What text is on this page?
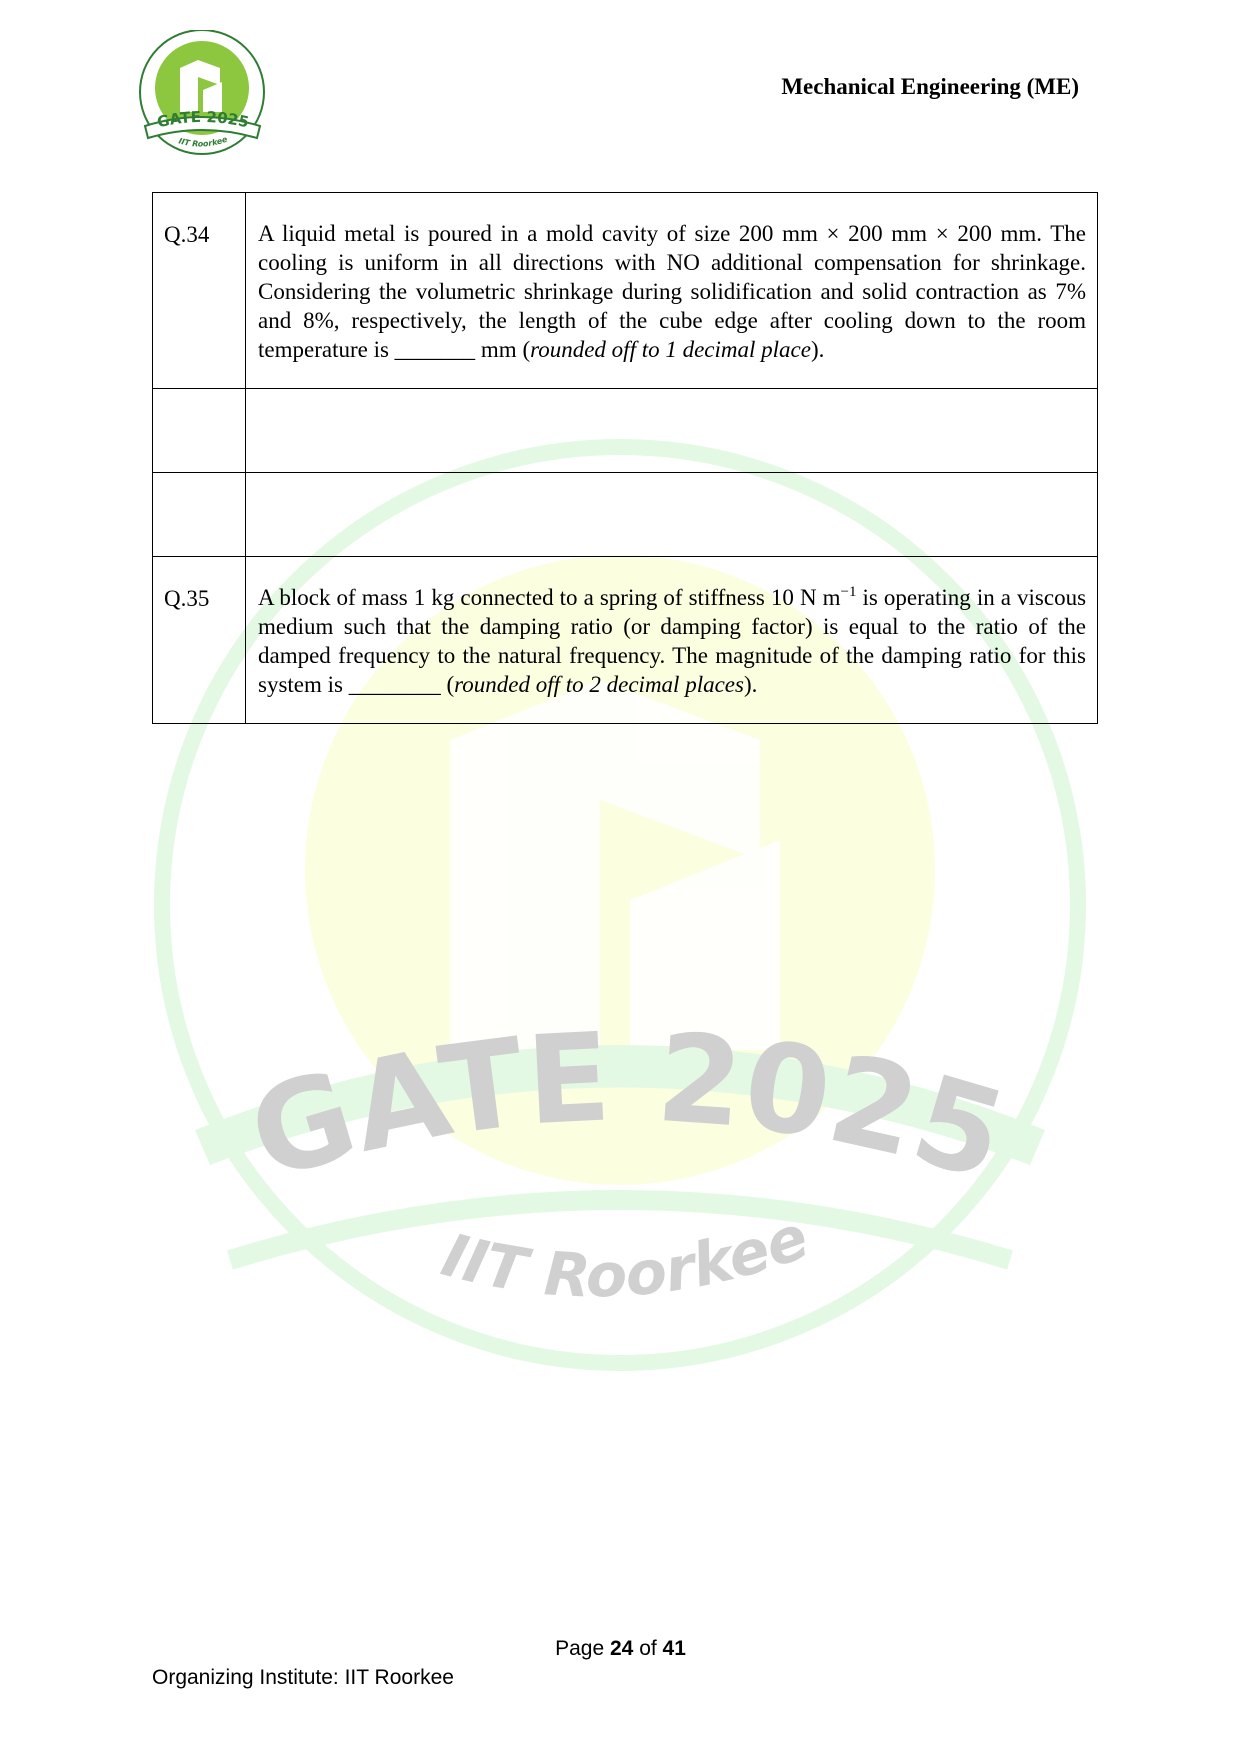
GATE 2025
IIT Roorkee
GATE 2025
IIT Roorkee
Mechanical Engineering (ME)
Q.34	A liquid metal is poured in a mold cavity of size 200 mm × 200 mm × 200 mm. The cooling is uniform in all directions with NO additional compensation for shrinkage. Considering the volumetric shrinkage during solidification and solid contraction as 7% and 8%, respectively, the length of the cube edge after cooling down to the room temperature is _______ mm (rounded off to 1 decimal place).

Q.35	A block of mass 1 kg connected to a spring of stiffness 10 N $m^{-1}$ is operating in a viscous medium such that the damping ratio (or damping factor) is equal to the ratio of the damped frequency to the natural frequency. The magnitude of the damping ratio for this system is ________ (rounded off to 2 decimal places).
Page 24 of 41
Organizing Institute: IIT Roorkee
